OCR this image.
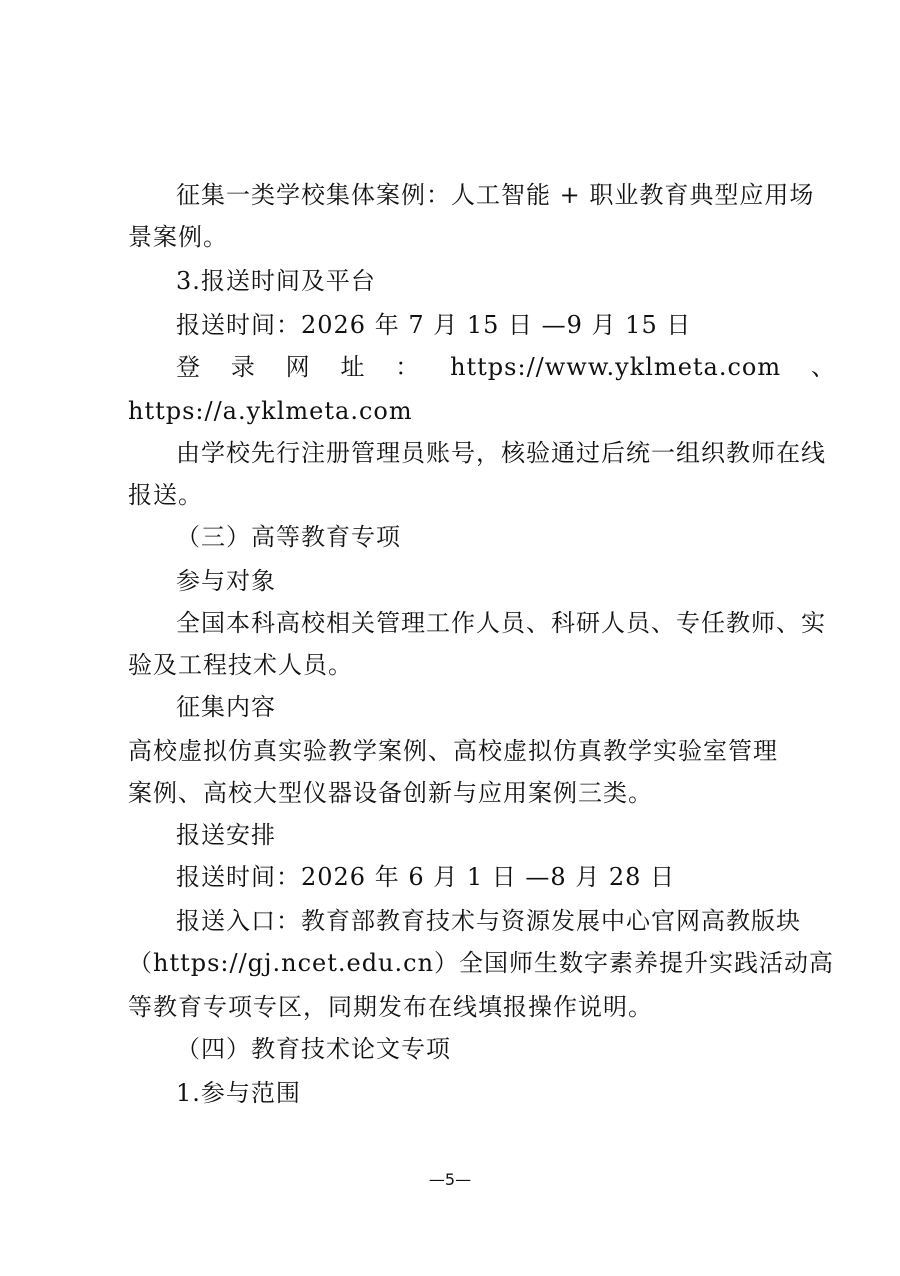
征集一类学校集体案例：人工智能 + 职业教育典型应用场
景案例。
3.报送时间及平台
报送时间：2026 年 7 月 15 日 —9 月 15 日
登 录 网 址 ： https://www.yklmeta.com 、
https://a.yklmeta.com
由学校先行注册管理员账号，核验通过后统一组织教师在线
报送。
（三）高等教育专项
参与对象
全国本科高校相关管理工作人员、科研人员、专任教师、实
验及工程技术人员。
征集内容
高校虚拟仿真实验教学案例、高校虚拟仿真教学实验室管理
案例、高校大型仪器设备创新与应用案例三类。
报送安排
报送时间：2026 年 6 月 1 日 —8 月 28 日
报送入口：教育部教育技术与资源发展中心官网高教版块
（https://gj.ncet.edu.cn）全国师生数字素养提升实践活动高
等教育专项专区，同期发布在线填报操作说明。
（四）教育技术论文专项
1.参与范围
—5—
